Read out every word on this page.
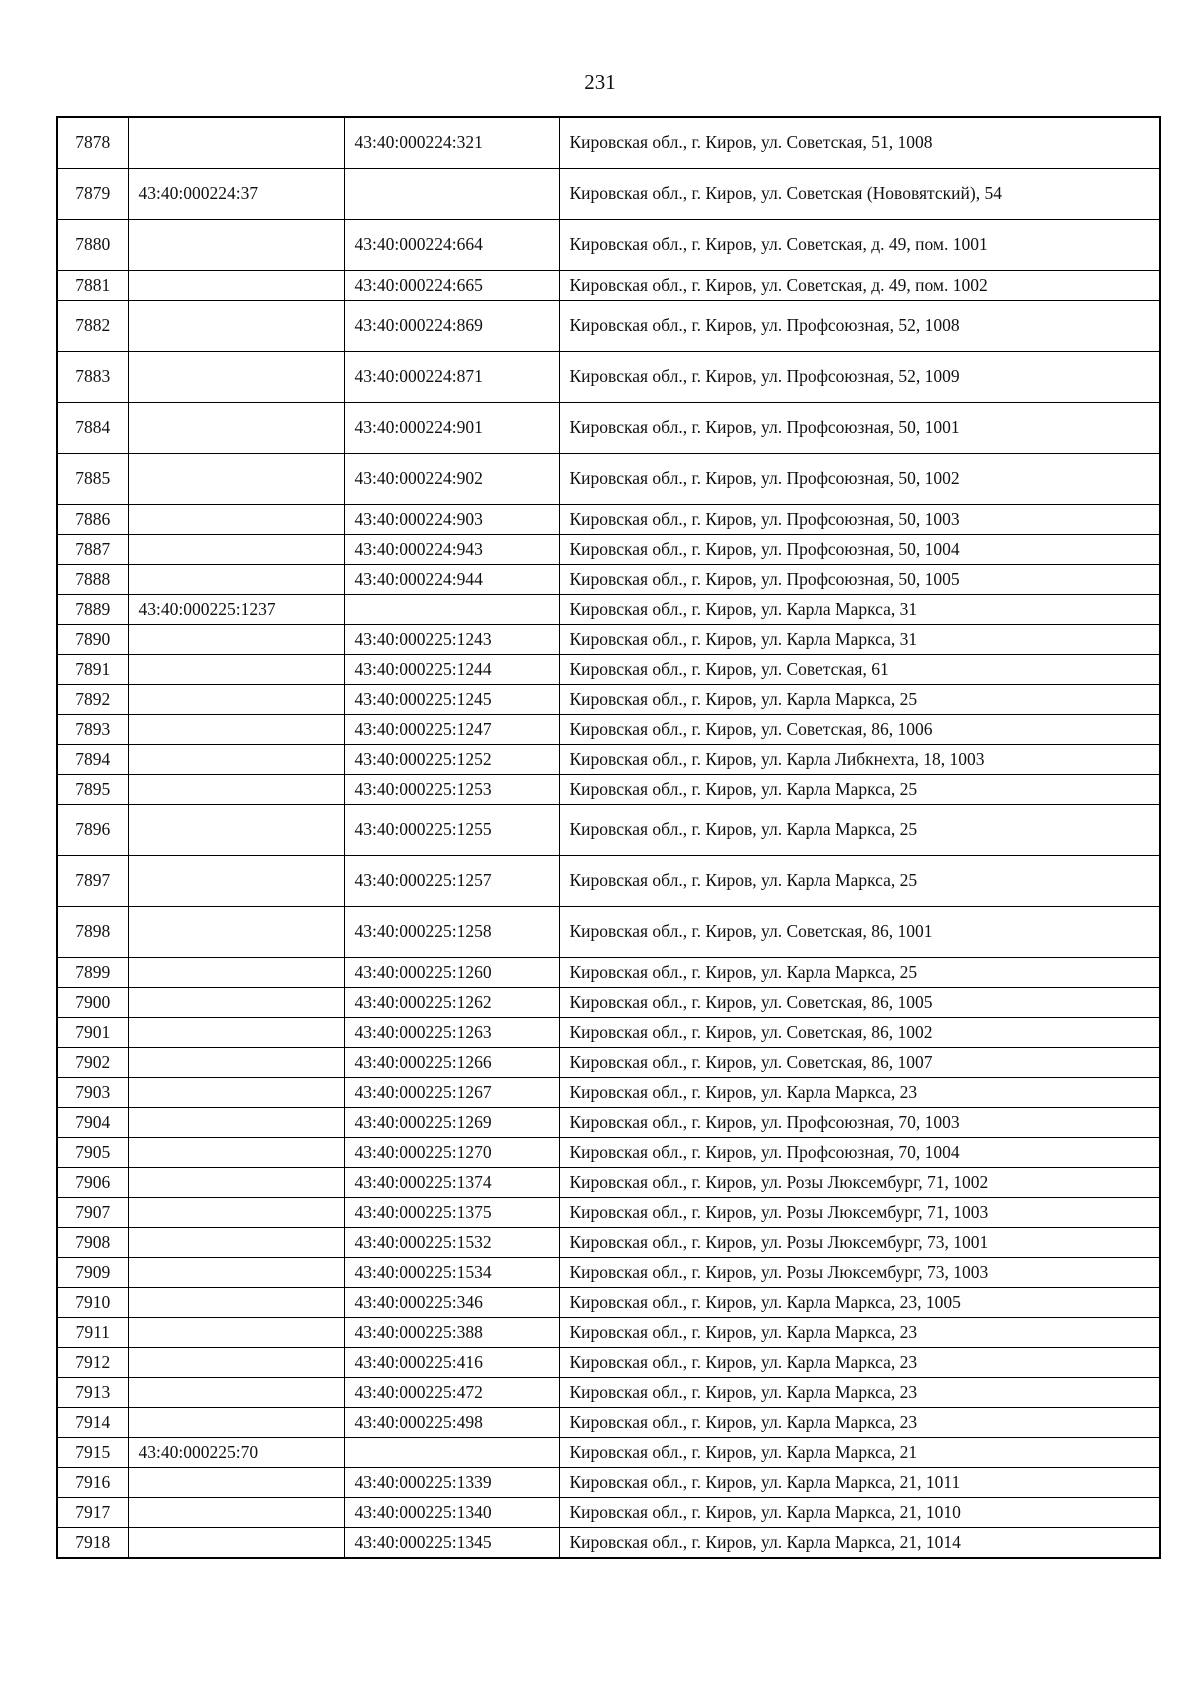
231
7878		43:40:000224:321	Кировская обл., г. Киров, ул. Советская, 51, 1008
7879	43:40:000224:37		Кировская обл., г. Киров, ул. Советская (Нововятский), 54
7880		43:40:000224:664	Кировская обл., г. Киров, ул. Советская, д. 49, пом. 1001
7881		43:40:000224:665	Кировская обл., г. Киров, ул. Советская, д. 49, пом. 1002
7882		43:40:000224:869	Кировская обл., г. Киров, ул. Профсоюзная, 52, 1008
7883		43:40:000224:871	Кировская обл., г. Киров, ул. Профсоюзная, 52, 1009
7884		43:40:000224:901	Кировская обл., г. Киров, ул. Профсоюзная, 50, 1001
7885		43:40:000224:902	Кировская обл., г. Киров, ул. Профсоюзная, 50, 1002
7886		43:40:000224:903	Кировская обл., г. Киров, ул. Профсоюзная, 50, 1003
7887		43:40:000224:943	Кировская обл., г. Киров, ул. Профсоюзная, 50, 1004
7888		43:40:000224:944	Кировская обл., г. Киров, ул. Профсоюзная, 50, 1005
7889	43:40:000225:1237		Кировская обл., г. Киров, ул. Карла Маркса, 31
7890		43:40:000225:1243	Кировская обл., г. Киров, ул. Карла Маркса, 31
7891		43:40:000225:1244	Кировская обл., г. Киров, ул. Советская, 61
7892		43:40:000225:1245	Кировская обл., г. Киров, ул. Карла Маркса, 25
7893		43:40:000225:1247	Кировская обл., г. Киров, ул. Советская, 86, 1006
7894		43:40:000225:1252	Кировская обл., г. Киров, ул. Карла Либкнехта, 18, 1003
7895		43:40:000225:1253	Кировская обл., г. Киров, ул. Карла Маркса, 25
7896		43:40:000225:1255	Кировская обл., г. Киров, ул. Карла Маркса, 25
7897		43:40:000225:1257	Кировская обл., г. Киров, ул. Карла Маркса, 25
7898		43:40:000225:1258	Кировская обл., г. Киров, ул. Советская, 86, 1001
7899		43:40:000225:1260	Кировская обл., г. Киров, ул. Карла Маркса, 25
7900		43:40:000225:1262	Кировская обл., г. Киров, ул. Советская, 86, 1005
7901		43:40:000225:1263	Кировская обл., г. Киров, ул. Советская, 86, 1002
7902		43:40:000225:1266	Кировская обл., г. Киров, ул. Советская, 86, 1007
7903		43:40:000225:1267	Кировская обл., г. Киров, ул. Карла Маркса, 23
7904		43:40:000225:1269	Кировская обл., г. Киров, ул. Профсоюзная, 70, 1003
7905		43:40:000225:1270	Кировская обл., г. Киров, ул. Профсоюзная, 70, 1004
7906		43:40:000225:1374	Кировская обл., г. Киров, ул. Розы Люксембург, 71, 1002
7907		43:40:000225:1375	Кировская обл., г. Киров, ул. Розы Люксембург, 71, 1003
7908		43:40:000225:1532	Кировская обл., г. Киров, ул. Розы Люксембург, 73, 1001
7909		43:40:000225:1534	Кировская обл., г. Киров, ул. Розы Люксембург, 73, 1003
7910		43:40:000225:346	Кировская обл., г. Киров, ул. Карла Маркса, 23, 1005
7911		43:40:000225:388	Кировская обл., г. Киров, ул. Карла Маркса, 23
7912		43:40:000225:416	Кировская обл., г. Киров, ул. Карла Маркса, 23
7913		43:40:000225:472	Кировская обл., г. Киров, ул. Карла Маркса, 23
7914		43:40:000225:498	Кировская обл., г. Киров, ул. Карла Маркса, 23
7915	43:40:000225:70		Кировская обл., г. Киров, ул. Карла Маркса, 21
7916		43:40:000225:1339	Кировская обл., г. Киров, ул. Карла Маркса, 21, 1011
7917		43:40:000225:1340	Кировская обл., г. Киров, ул. Карла Маркса, 21, 1010
7918		43:40:000225:1345	Кировская обл., г. Киров, ул. Карла Маркса, 21, 1014
